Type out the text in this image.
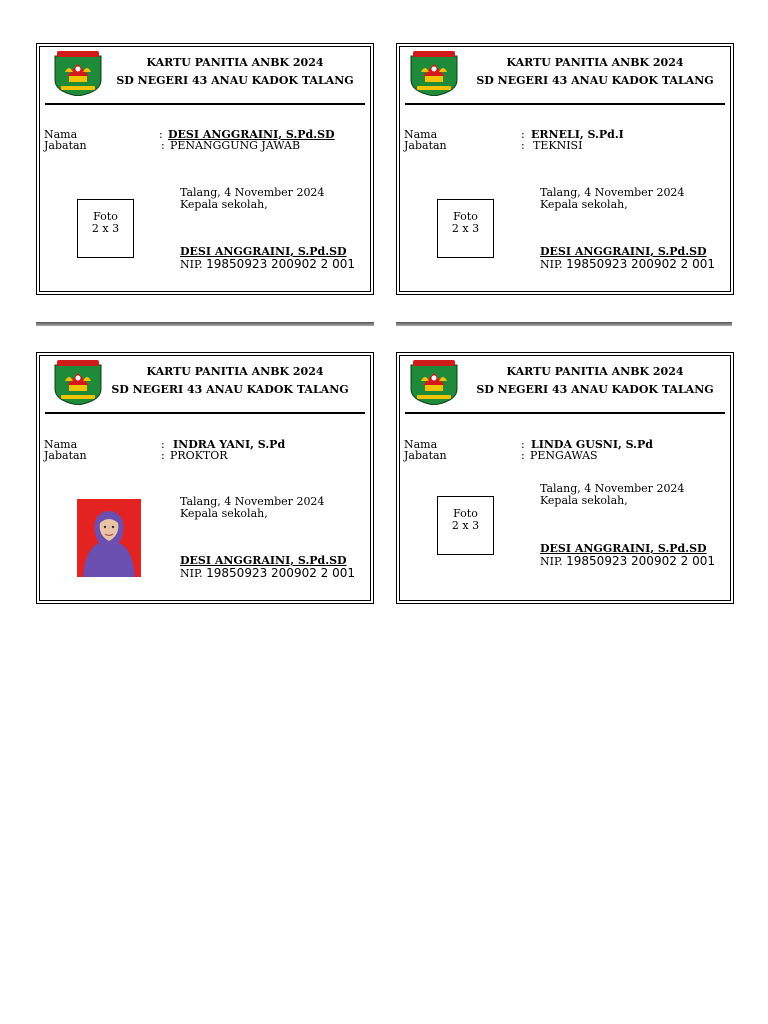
KARTU PANITIA ANBK 2024
SD NEGERI 43 ANAU KADOK TALANG
Nama
Jabatan
:
:
DESI ANGGRAINI, S.Pd.SD
PENANGGUNG JAWAB
Foto
2 x 3
Talang, 4 November 2024
Kepala sekolah,
DESI ANGGRAINI, S.Pd.SD
NIP. 19850923 200902 2 001
KARTU PANITIA ANBK 2024
SD NEGERI 43 ANAU KADOK TALANG
Nama
Jabatan
:
:
ERNELI, S.Pd.I
TEKNISI
Foto
2 x 3
Talang, 4 November 2024
Kepala sekolah,
DESI ANGGRAINI, S.Pd.SD
NIP. 19850923 200902 2 001
KARTU PANITIA ANBK 2024
SD NEGERI 43 ANAU KADOK TALANG
Nama
Jabatan
:
:
INDRA YANI, S.Pd
PROKTOR
Talang, 4 November 2024
Kepala sekolah,
DESI ANGGRAINI, S.Pd.SD
NIP. 19850923 200902 2 001
KARTU PANITIA ANBK 2024
SD NEGERI 43 ANAU KADOK TALANG
Nama
Jabatan
:
:
LINDA GUSNI, S.Pd
PENGAWAS
Foto
2 x 3
Talang, 4 November 2024
Kepala sekolah,
DESI ANGGRAINI, S.Pd.SD
NIP. 19850923 200902 2 001
